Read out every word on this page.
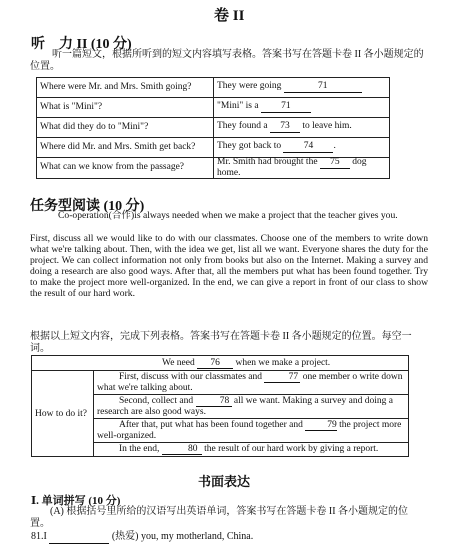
卷 II
听　力 II (10 分)
听一篇短文，根据所听到的短文内容填写表格。答案书写在答题卡卷 II 各小题规定的位置。
Where were Mr. and Mrs. Smith going?	They were going 71
What is "Mini"?	"Mini" is a 71
What did they do to "Mini"?	They found a 73 to leave him.
Where did Mr. and Mrs. Smith get back?	They got back to 74 .
What can we know from the passage?	Mr. Smith had brought the 75 dog home.
任务型阅读 (10 分)
Co-operation(合作)is always needed when we make a project that the teacher gives you.
First, discuss all we would like to do with our classmates. Choose one of the members to write down what we're talking about. Then, with the idea we get, list all we want. Everyone shares the duty for the project. We can collect information not only from books but also on the Internet. Making a survey and doing a research are also good ways. After that, all the members put what has been found together. Try to make the project more well-organized. In the end, we can give a report in front of our class to show the result of our hard work.
根据以上短文内容，完成下列表格。答案书写在答题卡卷 II 各小题规定的位置。每空一词。
We need 76 when we make a project.
How to do it?	First, discuss with our classmates and	77 one member o write down what we're talking about.
Second, collect and	78 all we want. Making a survey and doing a research are also good ways.
After that, put what has been found together and	79 the project more well-organized.
In the end,	80 the result of our hard work by giving a report.
书面表达
Ⅰ. 单词拼写 (10 分)
(A) 根据括号里所给的汉语写出英语单词，答案书写在答题卡卷 II 各小题规定的位置。
81.I	(热爱) you, my motherland, China.
